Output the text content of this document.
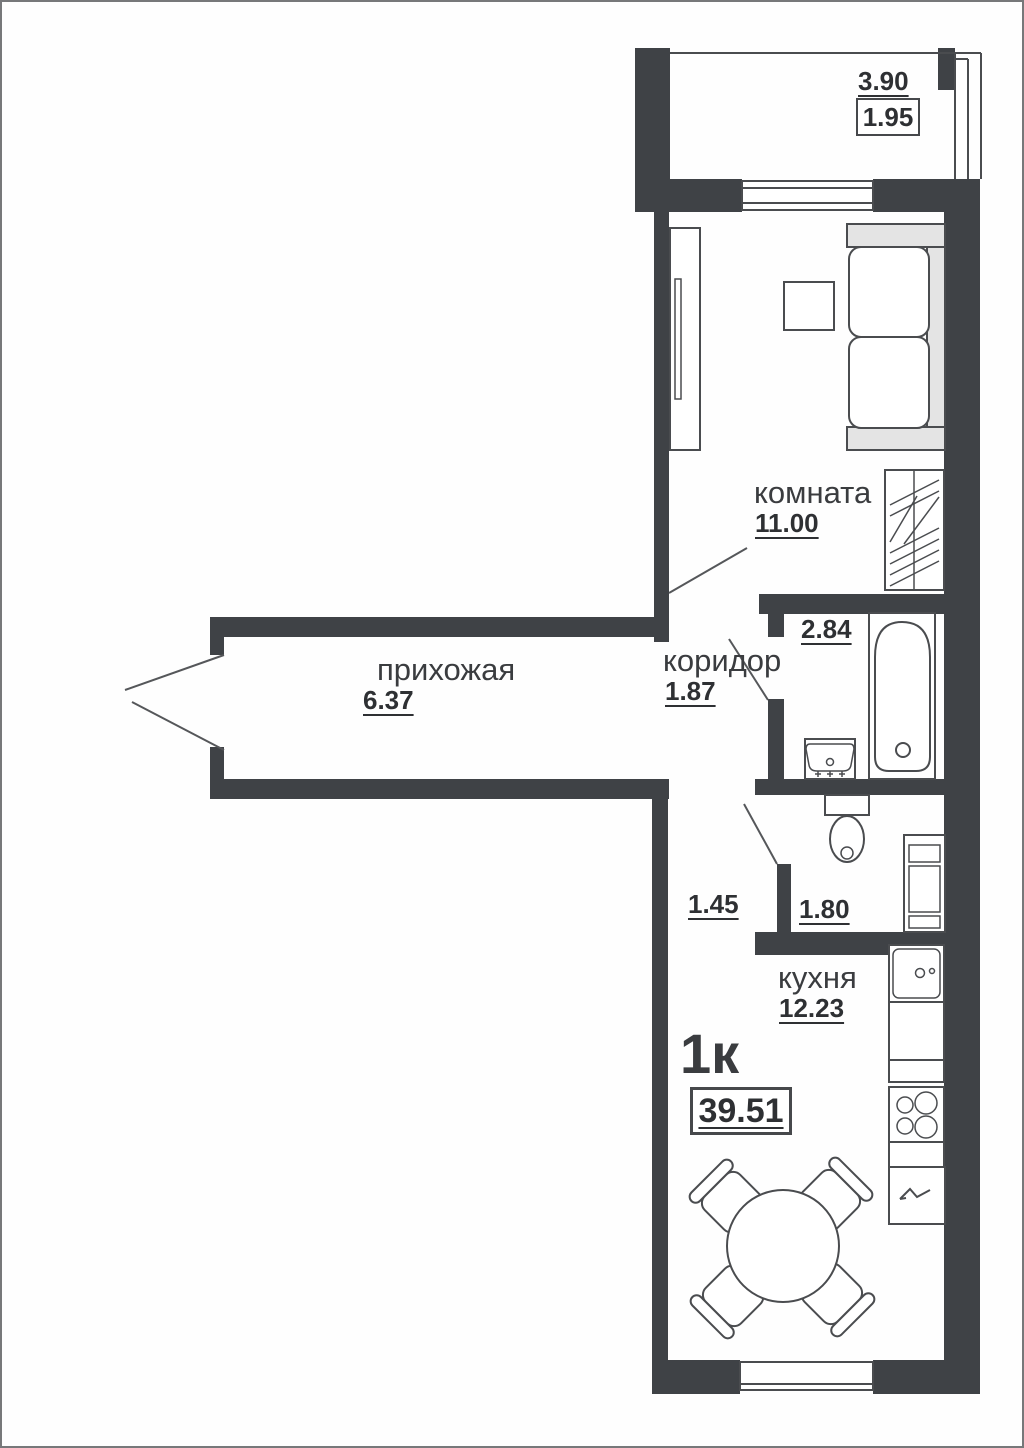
3.90
1.95
комната
11.00
прихожая
6.37
коридор
1.87
2.84
1.45 1.80
кухня
12.23
1к
39.51
